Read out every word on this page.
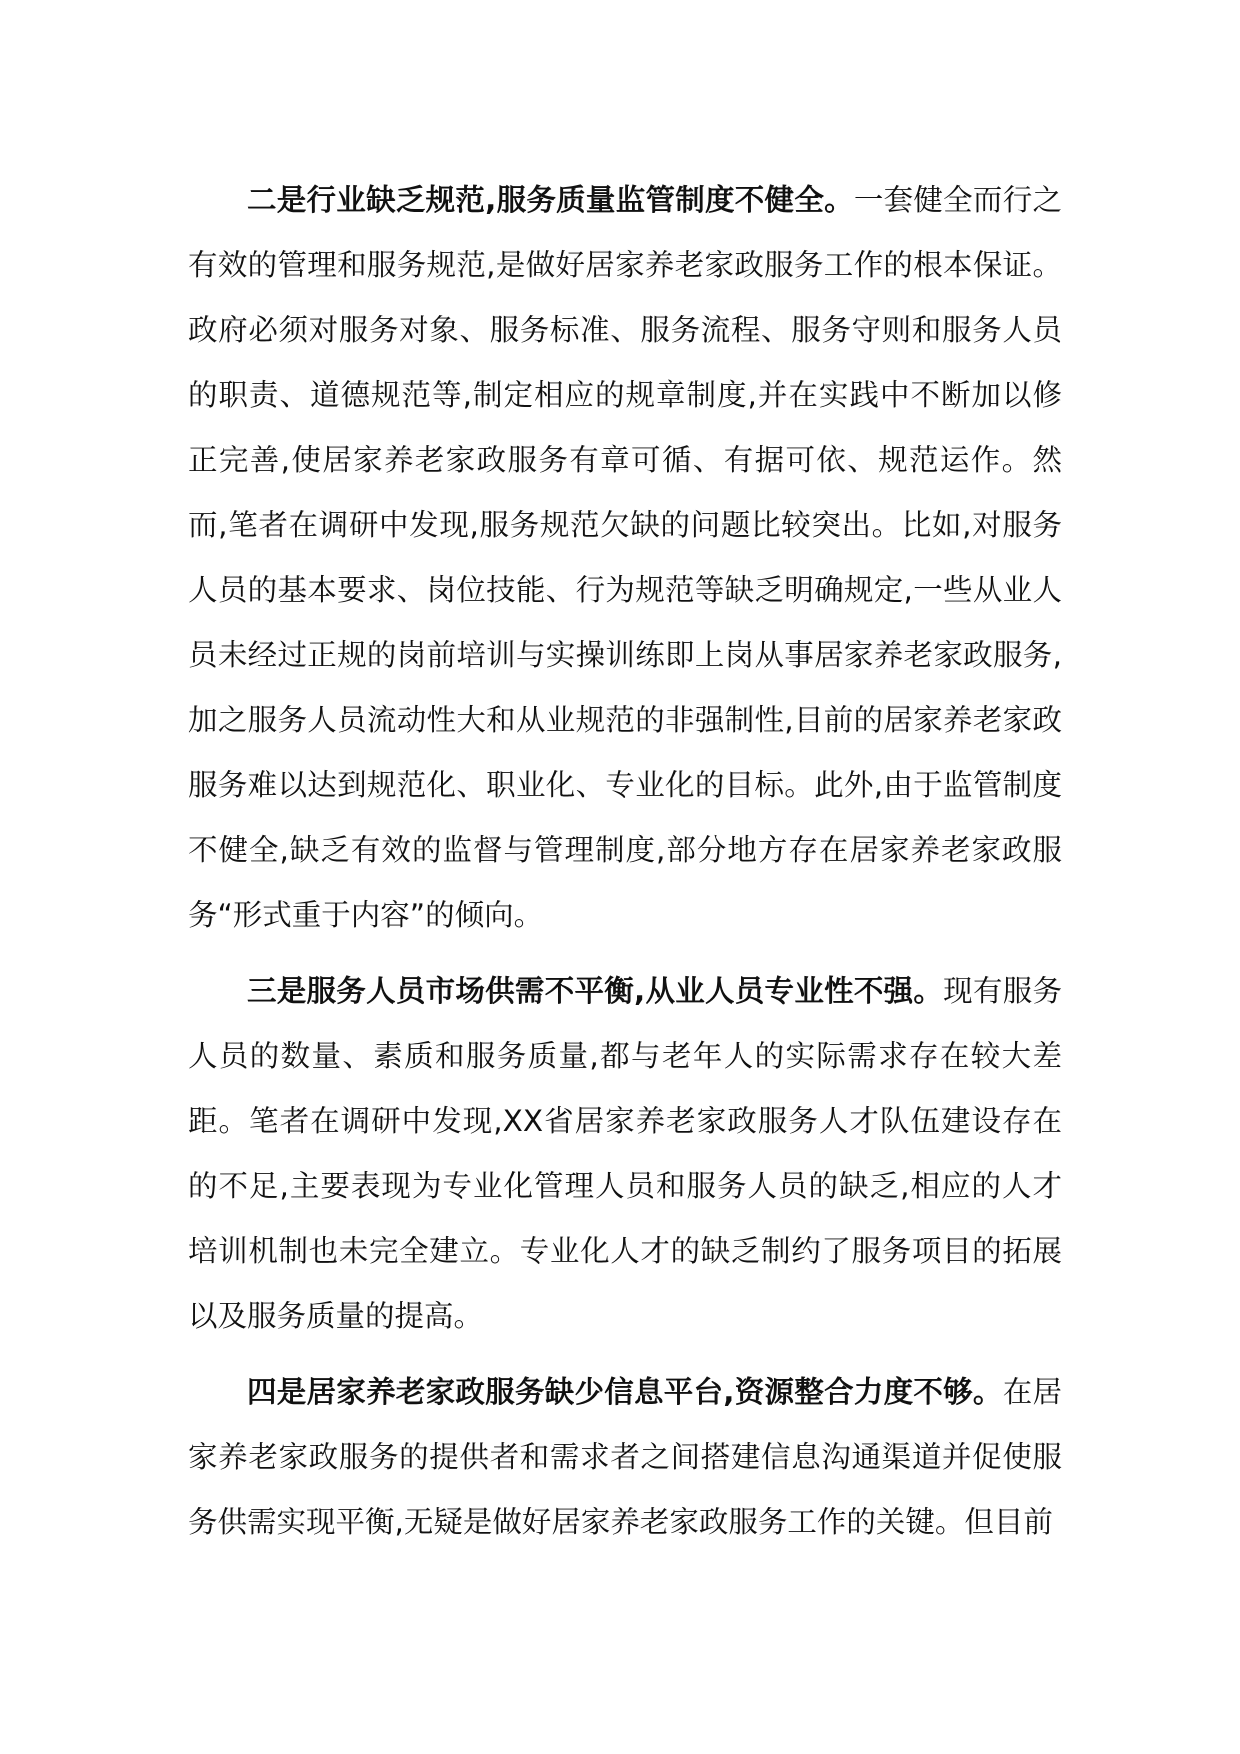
二是行业缺乏规范,服务质量监管制度不健全。一套健全而行之有效的管理和服务规范,是做好居家养老家政服务工作的根本保证。政府必须对服务对象、服务标准、服务流程、服务守则和服务人员的职责、道德规范等,制定相应的规章制度,并在实践中不断加以修正完善,使居家养老家政服务有章可循、有据可依、规范运作。然而,笔者在调研中发现,服务规范欠缺的问题比较突出。比如,对服务人员的基本要求、岗位技能、行为规范等缺乏明确规定,一些从业人员未经过正规的岗前培训与实操训练即上岗从事居家养老家政服务,加之服务人员流动性大和从业规范的非强制性,目前的居家养老家政服务难以达到规范化、职业化、专业化的目标。此外,由于监管制度不健全,缺乏有效的监督与管理制度,部分地方存在居家养老家政服务“形式重于内容”的倾向。

三是服务人员市场供需不平衡,从业人员专业性不强。现有服务人员的数量、素质和服务质量,都与老年人的实际需求存在较大差距。笔者在调研中发现,XX省居家养老家政服务人才队伍建设存在的不足,主要表现为专业化管理人员和服务人员的缺乏,相应的人才培训机制也未完全建立。专业化人才的缺乏制约了服务项目的拓展以及服务质量的提高。

四是居家养老家政服务缺少信息平台,资源整合力度不够。在居家养老家政服务的提供者和需求者之间搭建信息沟通渠道并促使服务供需实现平衡,无疑是做好居家养老家政服务工作的关键。但目前
